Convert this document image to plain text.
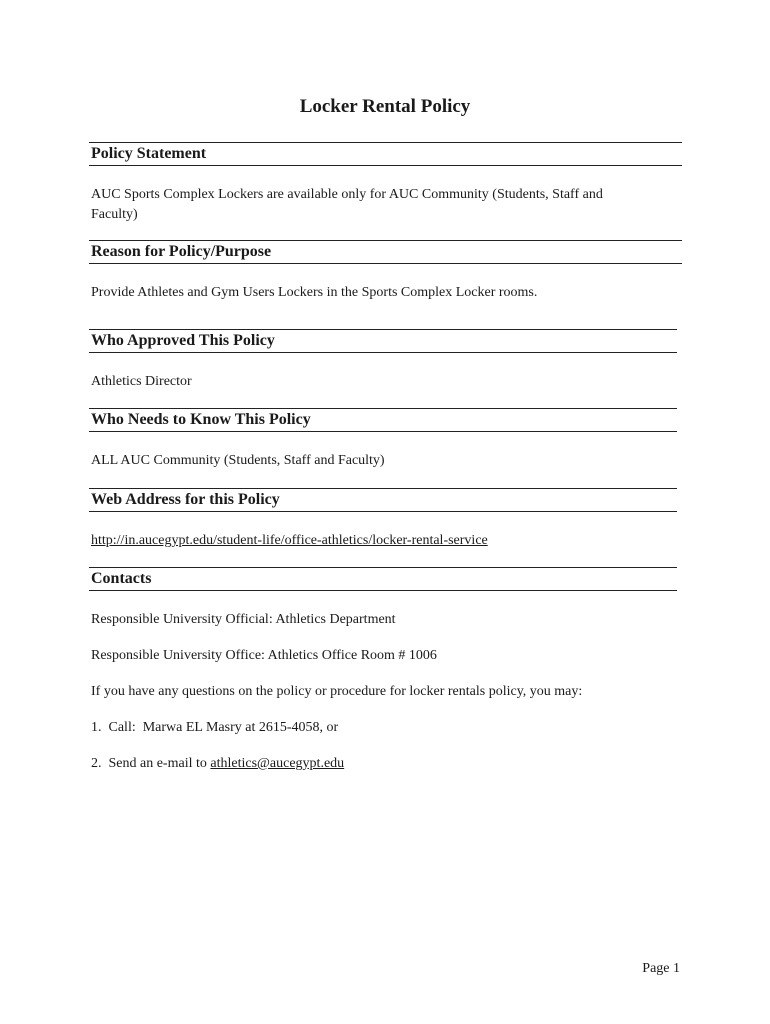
Locker Rental Policy
Policy Statement
AUC Sports Complex Lockers are available only for AUC Community (Students, Staff and
Faculty)
Reason for Policy/Purpose
Provide Athletes and Gym Users Lockers in the Sports Complex Locker rooms.
Who Approved This Policy
Athletics Director
Who Needs to Know This Policy
ALL AUC Community (Students, Staff and Faculty)
Web Address for this Policy
http://in.aucegypt.edu/student-life/office-athletics/locker-rental-service
Contacts
Responsible University Official: Athletics Department
Responsible University Office: Athletics Office Room # 1006
If you have any questions on the policy or procedure for locker rentals policy, you may:
1.  Call:  Marwa EL Masry at 2615-4058, or
2.  Send an e-mail to athletics@aucegypt.edu
Page 1
